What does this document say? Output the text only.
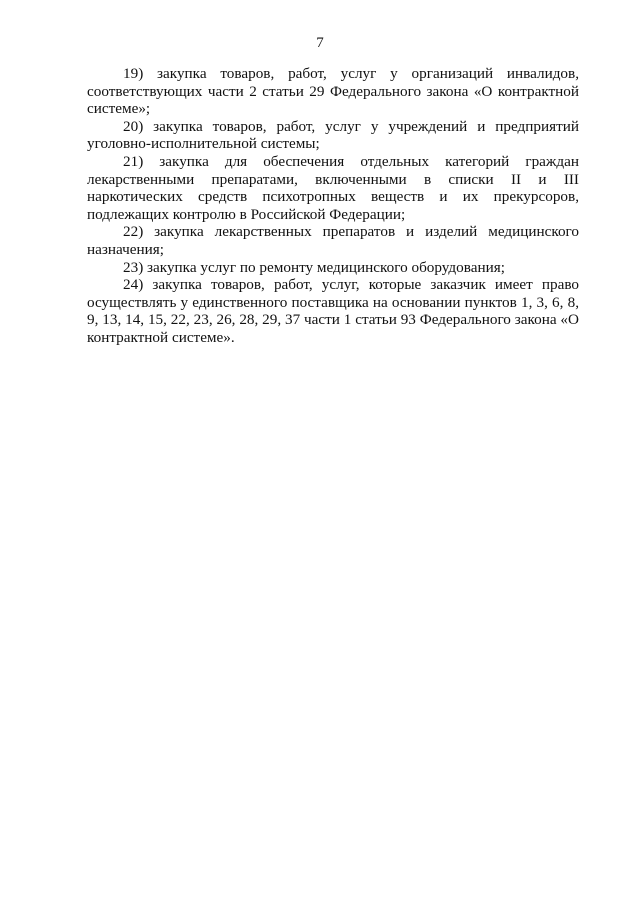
7

19) закупка товаров, работ, услуг у организаций инвалидов, соответствующих части 2 статьи 29 Федерального закона «О контрактной системе»;

20) закупка товаров, работ, услуг у учреждений и предприятий уголовно-исполнительной системы;

21) закупка для обеспечения отдельных категорий граждан лекарственными препаратами, включенными в списки II и III наркотических средств психотропных веществ и их прекурсоров, подлежащих контролю в Российской Федерации;

22) закупка лекарственных препаратов и изделий медицинского назначения;

23) закупка услуг по ремонту медицинского оборудования;

24) закупка товаров, работ, услуг, которые заказчик имеет право осуществлять у единственного поставщика на основании пунктов 1, 3, 6, 8, 9, 13, 14, 15, 22, 23, 26, 28, 29, 37 части 1 статьи 93 Федерального закона «О контрактной системе».
